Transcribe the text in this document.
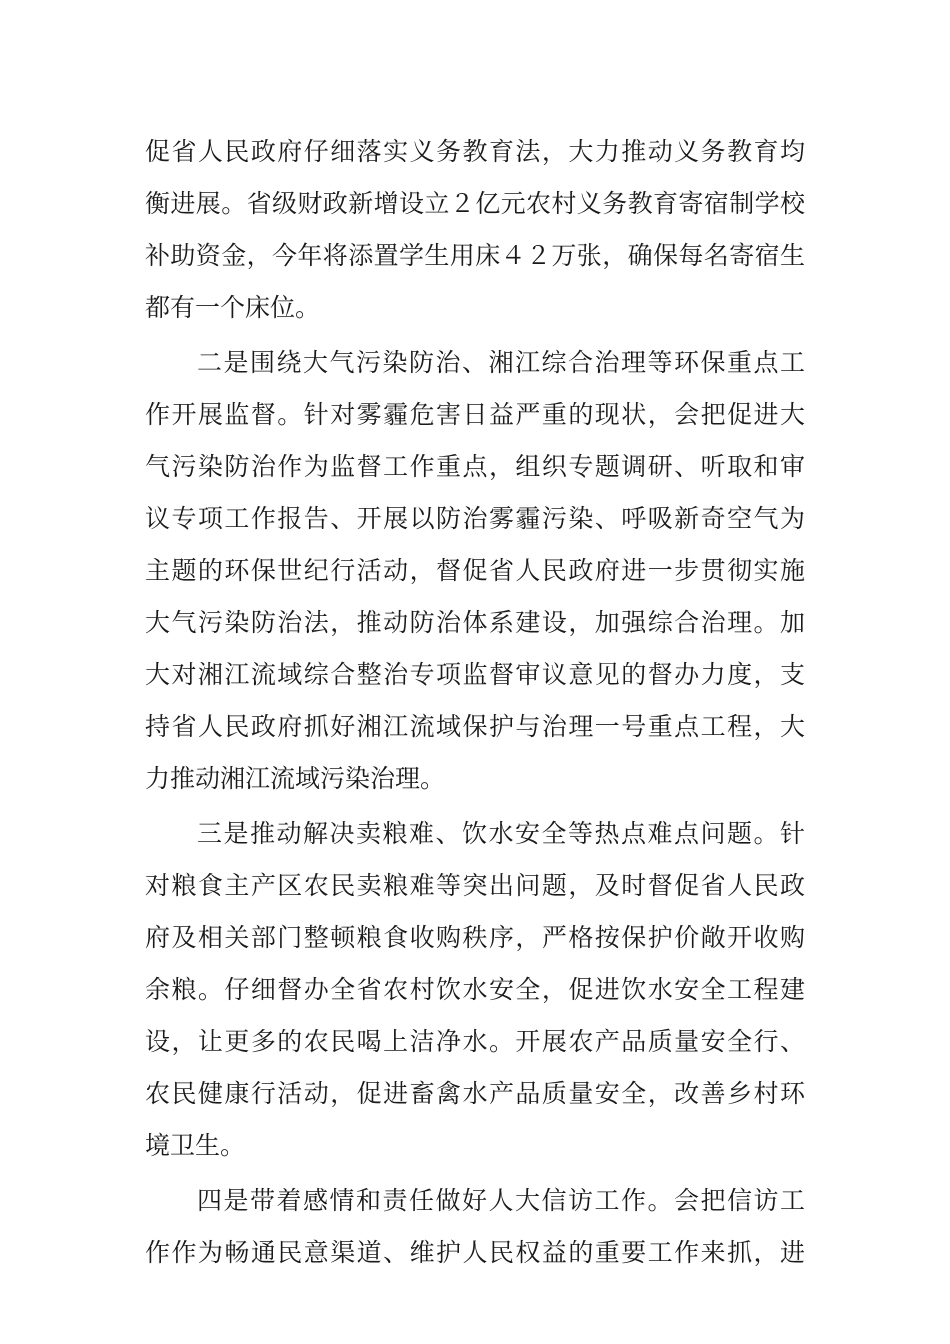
促省人民政府仔细落实义务教育法，大力推动义务教育均
衡进展。省级财政新增设立２亿元农村义务教育寄宿制学校
补助资金，今年将添置学生用床４２万张，确保每名寄宿生
都有一个床位。
二是围绕大气污染防治、湘江综合治理等环保重点工
作开展监督。针对雾霾危害日益严重的现状，会把促进大
气污染防治作为监督工作重点，组织专题调研、听取和审
议专项工作报告、开展以防治雾霾污染、呼吸新奇空气为
主题的环保世纪行活动，督促省人民政府进一步贯彻实施
大气污染防治法，推动防治体系建设，加强综合治理。加
大对湘江流域综合整治专项监督审议意见的督办力度，支
持省人民政府抓好湘江流域保护与治理一号重点工程，大
力推动湘江流域污染治理。
三是推动解决卖粮难、饮水安全等热点难点问题。针
对粮食主产区农民卖粮难等突出问题，及时督促省人民政
府及相关部门整顿粮食收购秩序，严格按保护价敞开收购
余粮。仔细督办全省农村饮水安全，促进饮水安全工程建
设，让更多的农民喝上洁净水。开展农产品质量安全行、
农民健康行活动，促进畜禽水产品质量安全，改善乡村环
境卫生。
四是带着感情和责任做好人大信访工作。会把信访工
作作为畅通民意渠道、维护人民权益的重要工作来抓，进
